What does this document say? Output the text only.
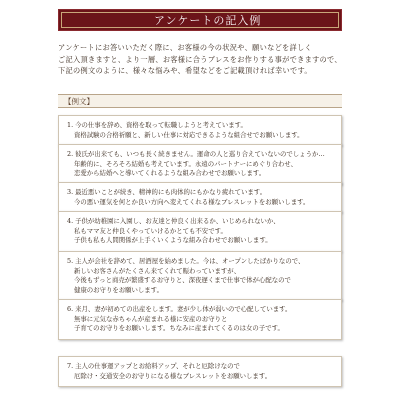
アンケートの記入例
アンケートにお答いいただく際に、お客様の今の状況や、願いなどを詳しく
ご記入頂きますと、より一層、お客様に合うブレスをお作りする事ができますので、
下記の例文のように、様々な悩みや、希望などをご記載頂ければ幸いです。
【例文】
1. 今の仕事を辞め、資格を取って転職しようと考えています。
資格試験の合格祈願と、新しい仕事に対応できるような組合せでお願いします。
2. 彼氏が出来ても、いつも長く続きません。運命の人と巡り合えていないのでしょうか…
年齢的に、そろそろ結婚も考えています。永遠のパートナーにめぐり合わせ、
恋愛から結婚へと導いてくれるような組み合わせでお願いします。
3. 最近悪いことが続き、精神的にも肉体的にもかなり疲れています。
今の悪い運気を何とか良い方向へ変えてくれる様なブレスレットをお願いします。
4. 子供が幼稚園に入園し、お友達と仲良く出来るか、いじめられないか、
私もママ友と仲良くやっていけるかとても不安です。
子供も私も人間関係が上手くいくような組み合わせでお願いします。
5. 主人が会社を辞めて、居酒屋を始めました。今は、オープンしたばかりなので、
新しいお客さんがたくさん来てくれて賑わっていますが、
今後もずっと商売が繁盛するお守りと、深夜遅くまで仕事で体が心配なので
健康のお守りをお願いします。
6. 来月、妻が初めての出産をします。妻が少し体が弱いので心配しています。
無事に元気な赤ちゃんが産まれる様に安産のお守りと
子育てのお守りをお願いします。ちなみに産まれてくるのは女の子です。
7. 主人の仕事運アップとお給料アップ、それと厄除けなので
厄除け・交通安全のお守りになる様なブレスレットをお願いします。
